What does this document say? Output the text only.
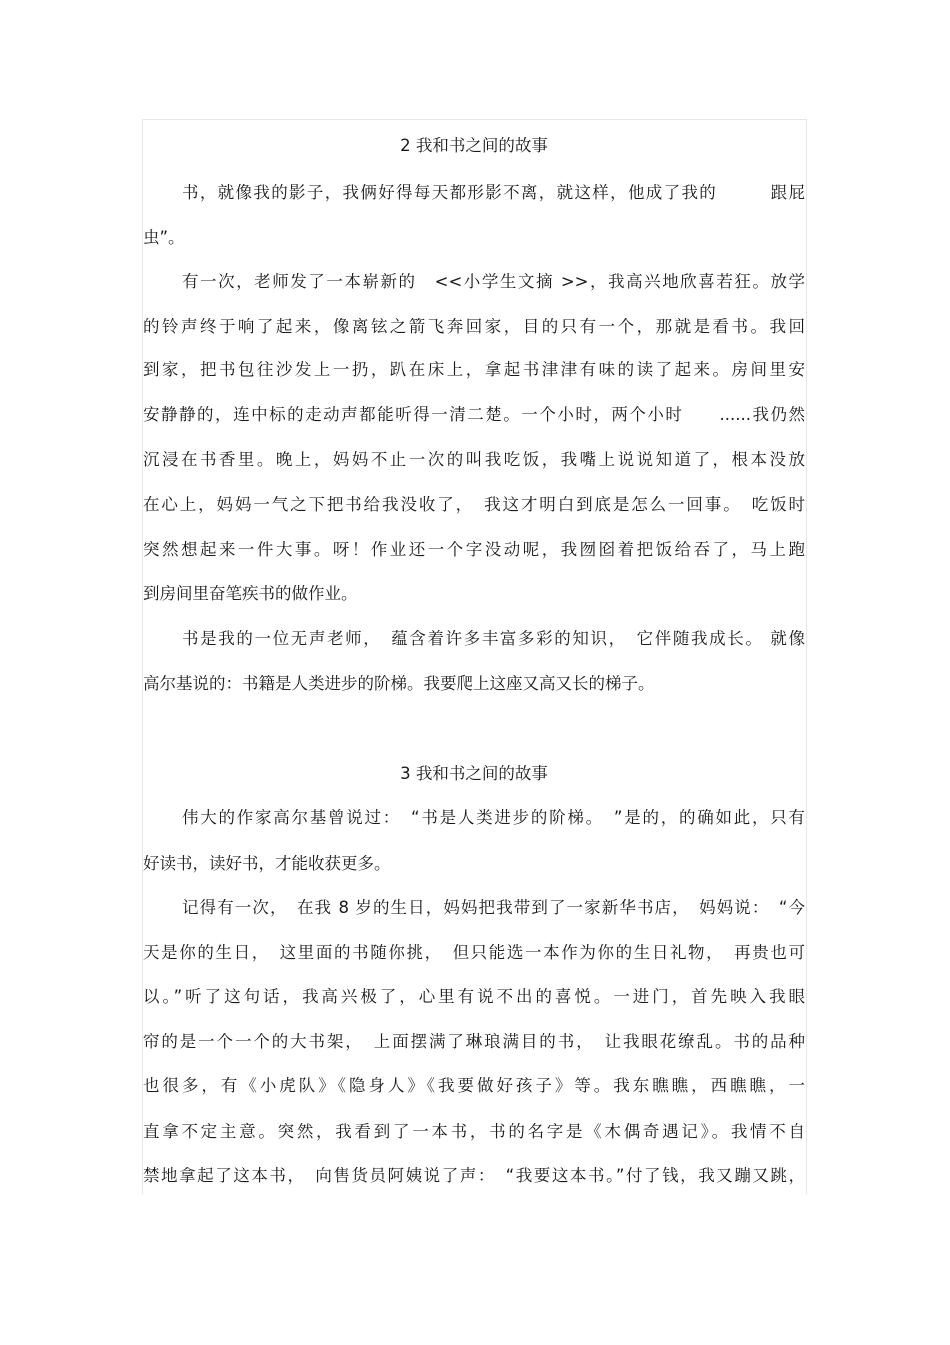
2 我和书之间的故事
书，就像我的影子，我俩好得每天都形影不离，就这样，他成了我的　　　跟屁
虫”。
有一次，老师发了一本崭新的　<<小学生文摘 >>，我高兴地欣喜若狂。放学
的铃声终于响了起来，像离铉之箭飞奔回家，目的只有一个，那就是看书。我回
到家，把书包往沙发上一扔，趴在床上，拿起书津津有味的读了起来。房间里安
安静静的，连中标的走动声都能听得一清二楚。一个小时，两个小时　　......我仍然
沉浸在书香里。晚上，妈妈不止一次的叫我吃饭，我嘴上说说知道了，根本没放
在心上，妈妈一气之下把书给我没收了，　我这才明白到底是怎么一回事。　吃饭时
突然想起来一件大事。呀！作业还一个字没动呢，我囫囵着把饭给吞了，马上跑
到房间里奋笔疾书的做作业。
书是我的一位无声老师，　蕴含着许多丰富多彩的知识，　它伴随我成长。 就像
高尔基说的：书籍是人类进步的阶梯。我要爬上这座又高又长的梯子。
3 我和书之间的故事
伟大的作家高尔基曾说过：　“书是人类进步的阶梯。　”是的，的确如此，只有
好读书，读好书，才能收获更多。
记得有一次，　在我 8 岁的生日，妈妈把我带到了一家新华书店，　妈妈说：　“今
天是你的生日，　这里面的书随你挑，　但只能选一本作为你的生日礼物，　再贵也可
以。”听了这句话，我高兴极了，心里有说不出的喜悦。一进门，首先映入我眼
帘的是一个一个的大书架，　上面摆满了琳琅满目的书，　让我眼花缭乱。书的品种
也很多，有《小虎队》《隐身人》《我要做好孩子》等。我东瞧瞧，西瞧瞧，一
直拿不定主意。突然，我看到了一本书，书的名字是《木偶奇遇记》。我情不自
禁地拿起了这本书，　向售货员阿姨说了声：　“我要这本书。”付了钱，我又蹦又跳，
